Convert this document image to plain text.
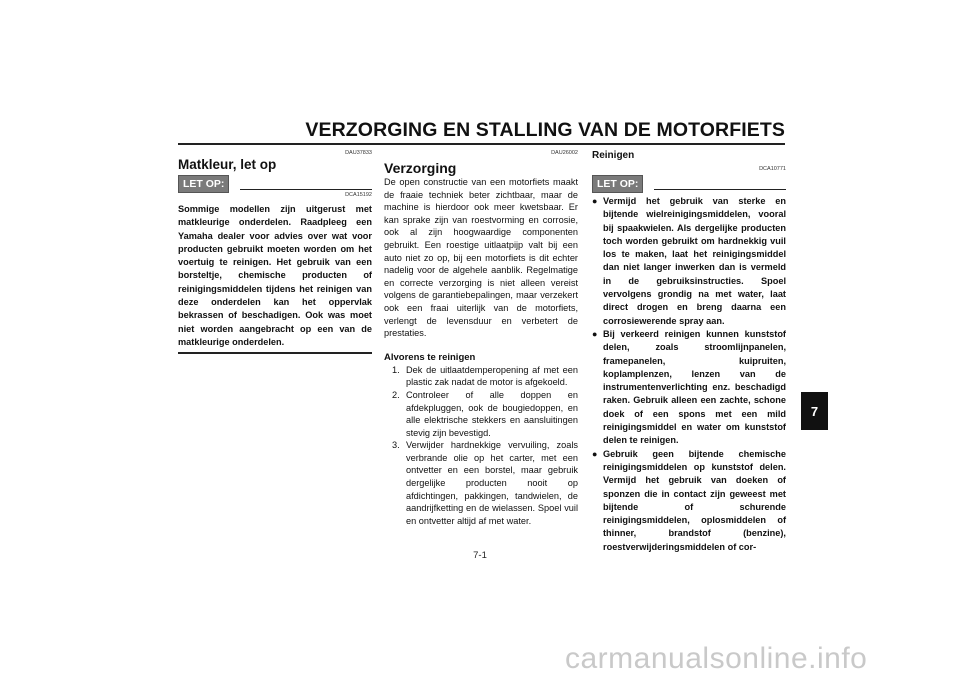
VERZORGING EN STALLING VAN DE MOTORFIETS
DAU37833
Matkleur, let op
LET OP:
DCA15192
Sommige modellen zijn uitgerust met matkleurige onderdelen. Raadpleeg een Yamaha dealer voor advies over wat voor producten gebruikt moeten worden om het voertuig te reinigen. Het gebruik van een borsteltje, chemische producten of reinigingsmiddelen tijdens het reinigen van deze onderdelen kan het oppervlak bekrassen of beschadigen. Ook was moet niet worden aangebracht op een van de matkleurige onderdelen.
DAU26002
Verzorging
De open constructie van een motorfiets maakt de fraaie techniek beter zichtbaar, maar de machine is hierdoor ook meer kwetsbaar. Er kan sprake zijn van roestvorming en corrosie, ook al zijn hoogwaardige componenten gebruikt. Een roestige uitlaatpijp valt bij een auto niet zo op, bij een motorfiets is dit echter nadelig voor de algehele aanblik. Regelmatige en correcte verzorging is niet alleen vereist volgens de garantiebepalingen, maar verzekert ook een fraai uiterlijk van de motorfiets, verlengt de levensduur en verbetert de prestaties.
Alvorens te reinigen
1. Dek de uitlaatdemperopening af met een plastic zak nadat de motor is afgekoeld.
2. Controleer of alle doppen en afdekpluggen, ook de bougiedoppen, en alle elektrische stekkers en aansluitingen stevig zijn bevestigd.
3. Verwijder hardnekkige vervuiling, zoals verbrande olie op het carter, met een ontvetter en een borstel, maar gebruik dergelijke producten nooit op afdichtingen, pakkingen, tandwielen, de aandrijfketting en de wielassen. Spoel vuil en ontvetter altijd af met water.
Reinigen
DCA10771
LET OP:
● Vermijd het gebruik van sterke en bijtende wielreinigingsmiddelen, vooral bij spaakwielen. Als dergelijke producten toch worden gebruikt om hardnekkig vuil los te maken, laat het reinigingsmiddel dan niet langer inwerken dan is vermeld in de gebruiksinstructies. Spoel vervolgens grondig na met water, laat direct drogen en breng daarna een corrosiewerende spray aan.
● Bij verkeerd reinigen kunnen kunststof delen, zoals stroomlijnpanelen, framepanelen, kuipruiten, koplamplenzen, lenzen van de instrumentenverlichting enz. beschadigd raken. Gebruik alleen een zachte, schone doek of een spons met een mild reinigingsmiddel en water om kunststof delen te reinigen.
● Gebruik geen bijtende chemische reinigingsmiddelen op kunststof delen. Vermijd het gebruik van doeken of sponzen die in contact zijn geweest met bijtende of schurende reinigingsmiddelen, oplosmiddelen of thinner, brandstof (benzine), roestverwijderingsmiddelen of cor-
7
7-1
carmanualsonline.info
